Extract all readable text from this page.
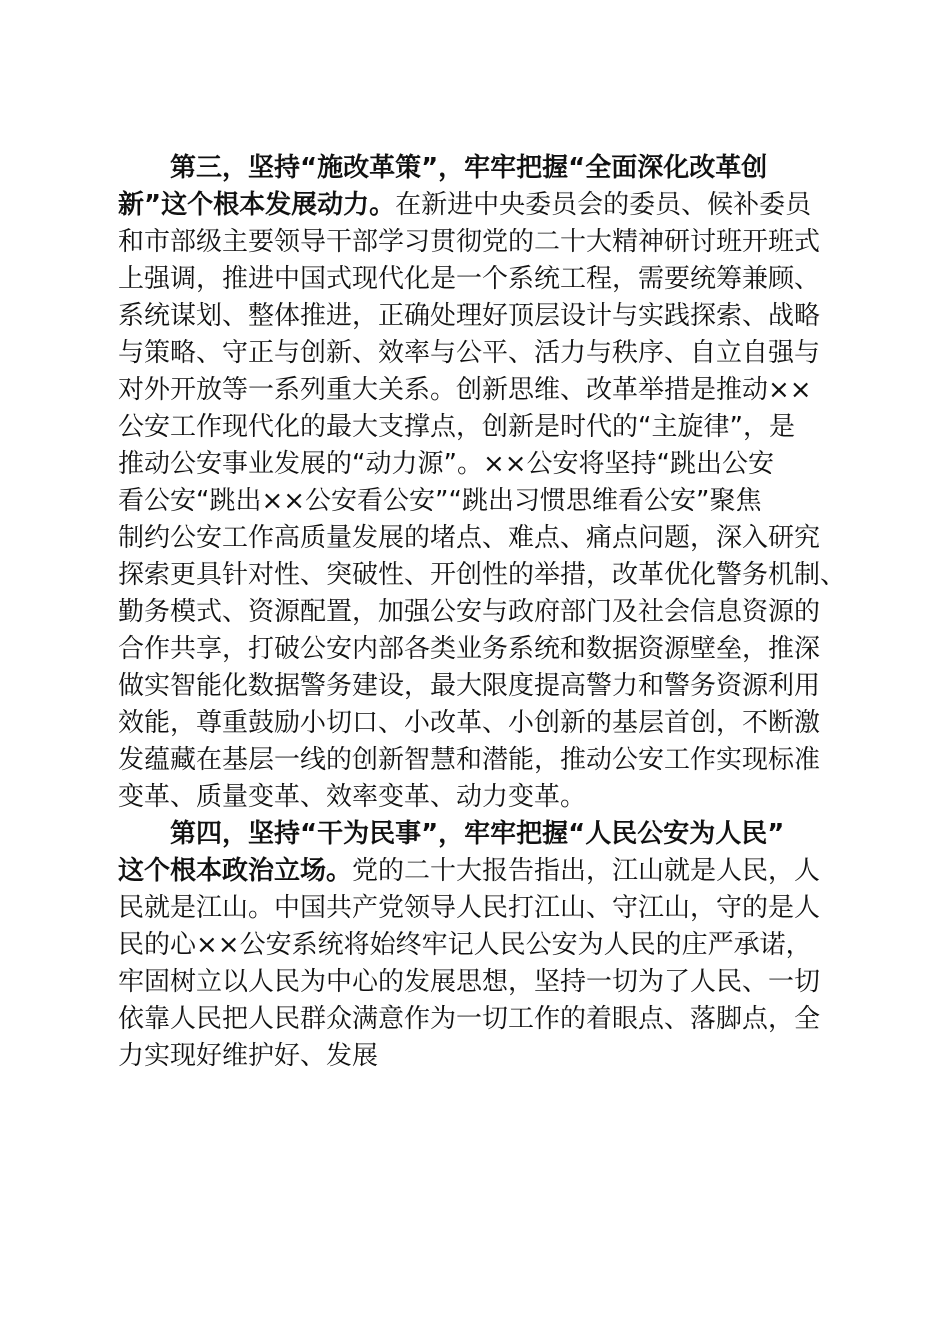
第三，坚持“施改革策”，牢牢把握“全面深化改革创

新”这个根本发展动力。在新进中央委员会的委员、候补委员

和市部级主要领导干部学习贯彻党的二十大精神研讨班开班式

上强调，推进中国式现代化是一个系统工程，需要统筹兼顾、

系统谋划、整体推进，正确处理好顶层设计与实践探索、战略

与策略、守正与创新、效率与公平、活力与秩序、自立自强与

对外开放等一系列重大关系。创新思维、改革举措是推动××

公安工作现代化的最大支撑点，创新是时代的“主旋律”，是

推动公安事业发展的“动力源”。××公安将坚持“跳出公安

看公安“跳出××公安看公安”“跳出习惯思维看公安”聚焦

制约公安工作高质量发展的堵点、难点、痛点问题，深入研究

探索更具针对性、突破性、开创性的举措，改革优化警务机制、

勤务模式、资源配置，加强公安与政府部门及社会信息资源的

合作共享，打破公安内部各类业务系统和数据资源壁垒，推深

做实智能化数据警务建设，最大限度提高警力和警务资源利用

效能，尊重鼓励小切口、小改革、小创新的基层首创，不断激

发蕴藏在基层一线的创新智慧和潜能，推动公安工作实现标准

变革、质量变革、效率变革、动力变革。

第四，坚持“干为民事”，牢牢把握“人民公安为人民”

这个根本政治立场。党的二十大报告指出，江山就是人民，人

民就是江山。中国共产党领导人民打江山、守江山，守的是人

民的心××公安系统将始终牢记人民公安为人民的庄严承诺，

牢固树立以人民为中心的发展思想，坚持一切为了人民、一切

依靠人民把人民群众满意作为一切工作的着眼点、落脚点，全

力实现好维护好、发展
